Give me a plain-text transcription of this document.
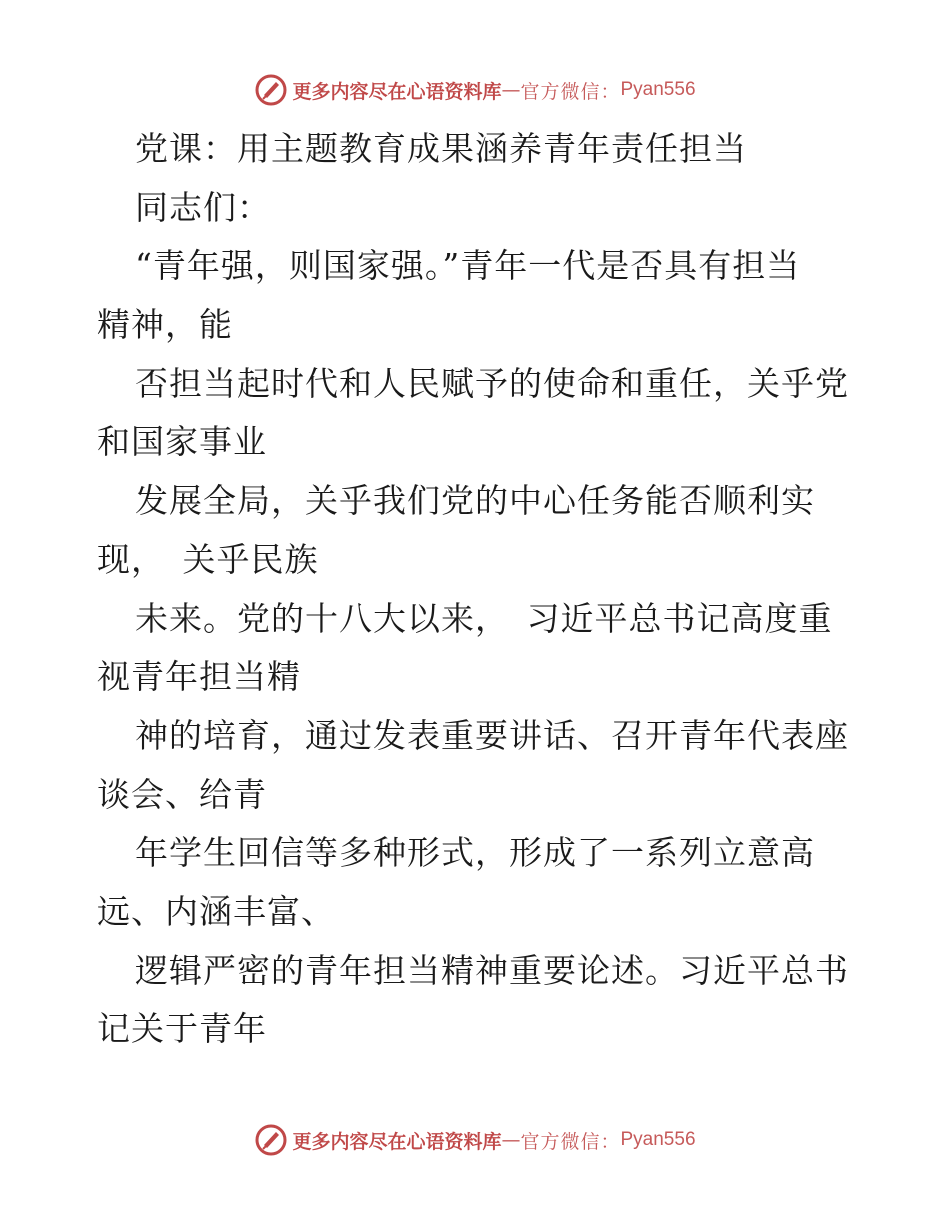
更多内容尽在心语资料库 — 官方微信： Pyan556
党课：用主题教育成果涵养青年责任担当
同志们：
“青年强，则国家强。”青年一代是否具有担当
精神，能
否担当起时代和人民赋予的使命和重任，关乎党
和国家事业
发展全局，关乎我们党的中心任务能否顺利实
现，　关乎民族
未来。党的十八大以来，　习近平总书记高度重
视青年担当精
神的培育，通过发表重要讲话、召开青年代表座
谈会、给青
年学生回信等多种形式，形成了一系列立意高
远、内涵丰富、
逻辑严密的青年担当精神重要论述。习近平总书
记关于青年
更多内容尽在心语资料库 — 官方微信： Pyan556
